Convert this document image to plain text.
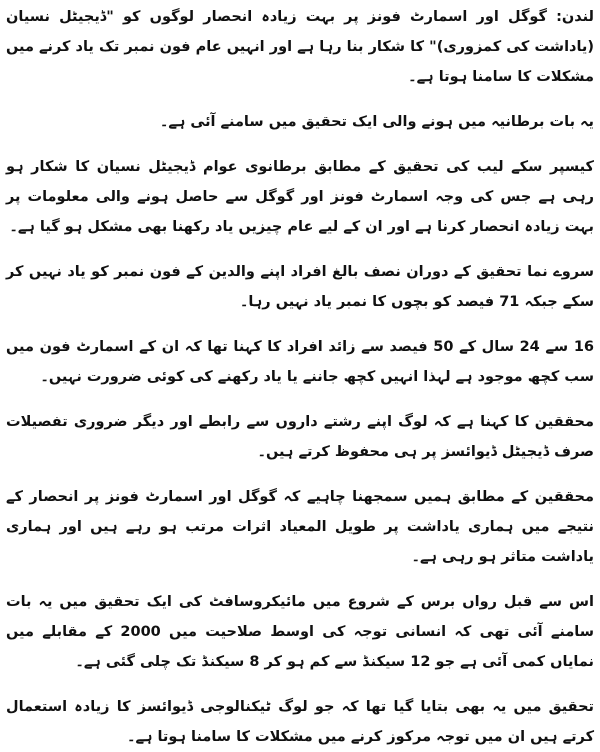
لندن: گوگل اور اسمارٹ فونز پر بہت زیادہ انحصار لوگوں کو "ڈیجیٹل نسیان (یاداشت کی کمزوری)" کا شکار بنا رہا ہے اور انہیں عام فون نمبر تک یاد کرنے میں مشکلات کا سامنا ہوتا ہے۔

یہ بات برطانیہ میں ہونے والی ایک تحقیق میں سامنے آئی ہے۔

کیسپر سکے لیب کی تحقیق کے مطابق برطانوی عوام ڈیجیٹل نسیان کا شکار ہو رہی ہے جس کی وجہ اسمارٹ فونز اور گوگل سے حاصل ہونے والی معلومات پر بہت زیادہ انحصار کرنا ہے اور ان کے لیے عام چیزیں یاد رکھنا بھی مشکل ہو گیا ہے۔

سروے نما تحقیق کے دوران نصف بالغ افراد اپنے والدین کے فون نمبر کو یاد نہیں کر سکے جبکہ 71 فیصد کو بچوں کا نمبر یاد نہیں رہا۔

16 سے 24 سال کے 50 فیصد سے زائد افراد کا کہنا تھا کہ ان کے اسمارٹ فون میں سب کچھ موجود ہے لہذا انہیں کچھ جاننے یا یاد رکھنے کی کوئی ضرورت نہیں۔

محققین کا کہنا ہے کہ لوگ اپنے رشتے داروں سے رابطے اور دیگر ضروری تفصیلات صرف ڈیجیٹل ڈیوائسز پر ہی محفوظ کرتے ہیں۔

محققین کے مطابق ہمیں سمجھنا چاہیے کہ گوگل اور اسمارٹ فونز پر انحصار کے نتیجے میں ہماری یاداشت پر طویل المعیاد اثرات مرتب ہو رہے ہیں اور ہماری یاداشت متاثر ہو رہی ہے۔

اس سے قبل رواں برس کے شروع میں مائیکروسافٹ کی ایک تحقیق میں یہ بات سامنے آئی تھی کہ انسانی توجہ کی اوسط صلاحیت میں 2000 کے مقابلے میں نمایاں کمی آئی ہے جو 12 سیکنڈ سے کم ہو کر 8 سیکنڈ تک چلی گئی ہے۔

تحقیق میں یہ بھی بتایا گیا تھا کہ جو لوگ ٹیکنالوجی ڈیوائسز کا زیادہ استعمال کرتے ہیں ان میں توجہ مرکوز کرنے میں مشکلات کا سامنا ہوتا ہے۔
